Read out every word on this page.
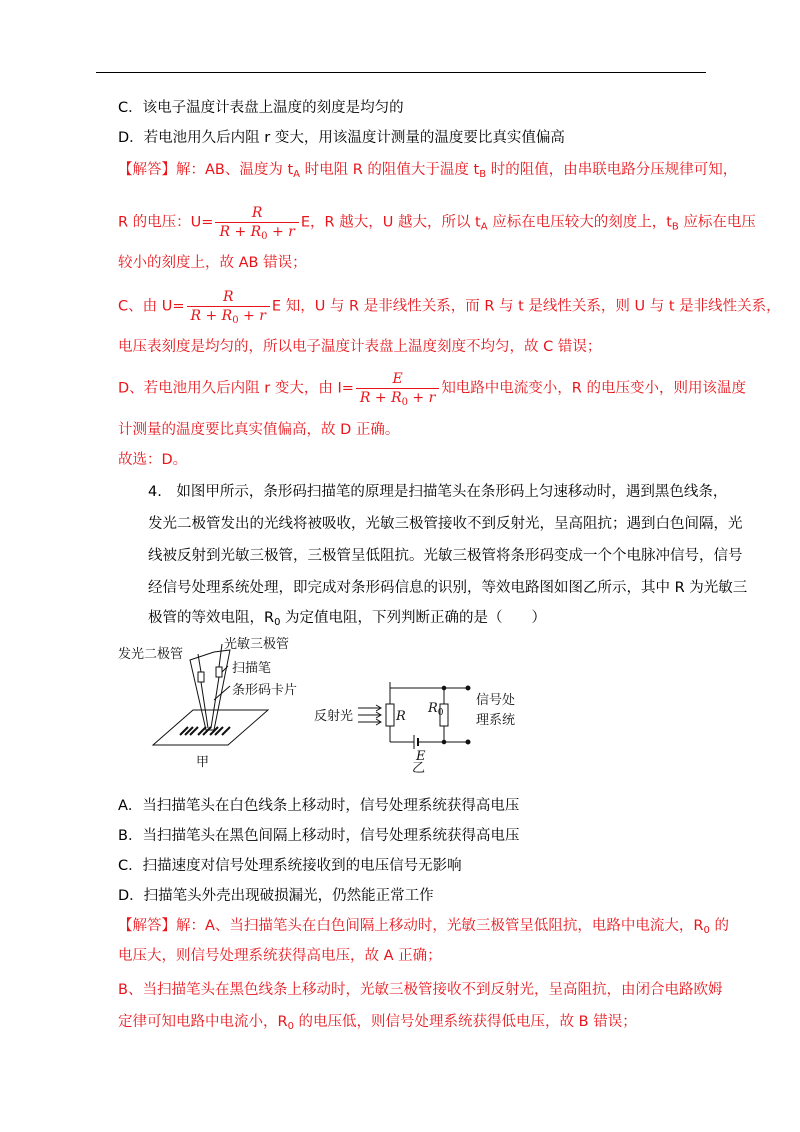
C．该电子温度计表盘上温度的刻度是均匀的
D．若电池用久后内阻 r 变大，用该温度计测量的温度要比真实值偏高
【解答】解：AB、温度为 $t_A$ 时电阻 R 的阻值大于温度 $t_B$ 时的阻值，由串联电路分压规律可知，
R 的电压：$U= \frac{R}{R + R_0 + r}$ E，R 越大，U 越大，所以 $t_A$ 应标在电压较大的刻度上，$t_B$ 应标在电压
较小的刻度上，故 AB 错误；
C、由 $U= \frac{R}{R + R_0 + r}$ E 知，U 与 R 是非线性关系，而 R 与 t 是线性关系，则 U 与 t 是非线性关系，
电压表刻度是均匀的，所以电子温度计表盘上温度刻度不均匀，故 C 错误；
D、若电池用久后内阻 r 变大，由 $I= \frac{E}{R + R_0 + r}$ 知电路中电流变小，R 的电压变小，则用该温度
计测量的温度要比真实值偏高，故 D 正确。
故选：D。
4.　如图甲所示，条形码扫描笔的原理是扫描笔头在条形码上匀速移动时，遇到黑色线条，
发光二极管发出的光线将被吸收，光敏三极管接收不到反射光，呈高阻抗；遇到白色间隔，光
线被反射到光敏三极管，三极管呈低阻抗。光敏三极管将条形码变成一个个电脉冲信号，信号
经信号处理系统处理，即完成对条形码信息的识别，等效电路图如图乙所示，其中 R 为光敏三
极管的等效电阻，$R_0$ 为定值电阻，下列判断正确的是（　　）
发光二极管
光敏三极管
扫描笔
条形码卡片
甲
反射光	R
$R_0$
E
信号处
理系统
乙
A．当扫描笔头在白色线条上移动时，信号处理系统获得高电压
B．当扫描笔头在黑色间隔上移动时，信号处理系统获得高电压
C．扫描速度对信号处理系统接收到的电压信号无影响
D．扫描笔头外壳出现破损漏光，仍然能正常工作
【解答】解：A、当扫描笔头在白色间隔上移动时，光敏三极管呈低阻抗，电路中电流大，$R_0$ 的
电压大，则信号处理系统获得高电压，故 A 正确；
B、当扫描笔头在黑色线条上移动时，光敏三极管接收不到反射光，呈高阻抗，由闭合电路欧姆
定律可知电路中电流小，$R_0$ 的电压低，则信号处理系统获得低电压，故 B 错误；
